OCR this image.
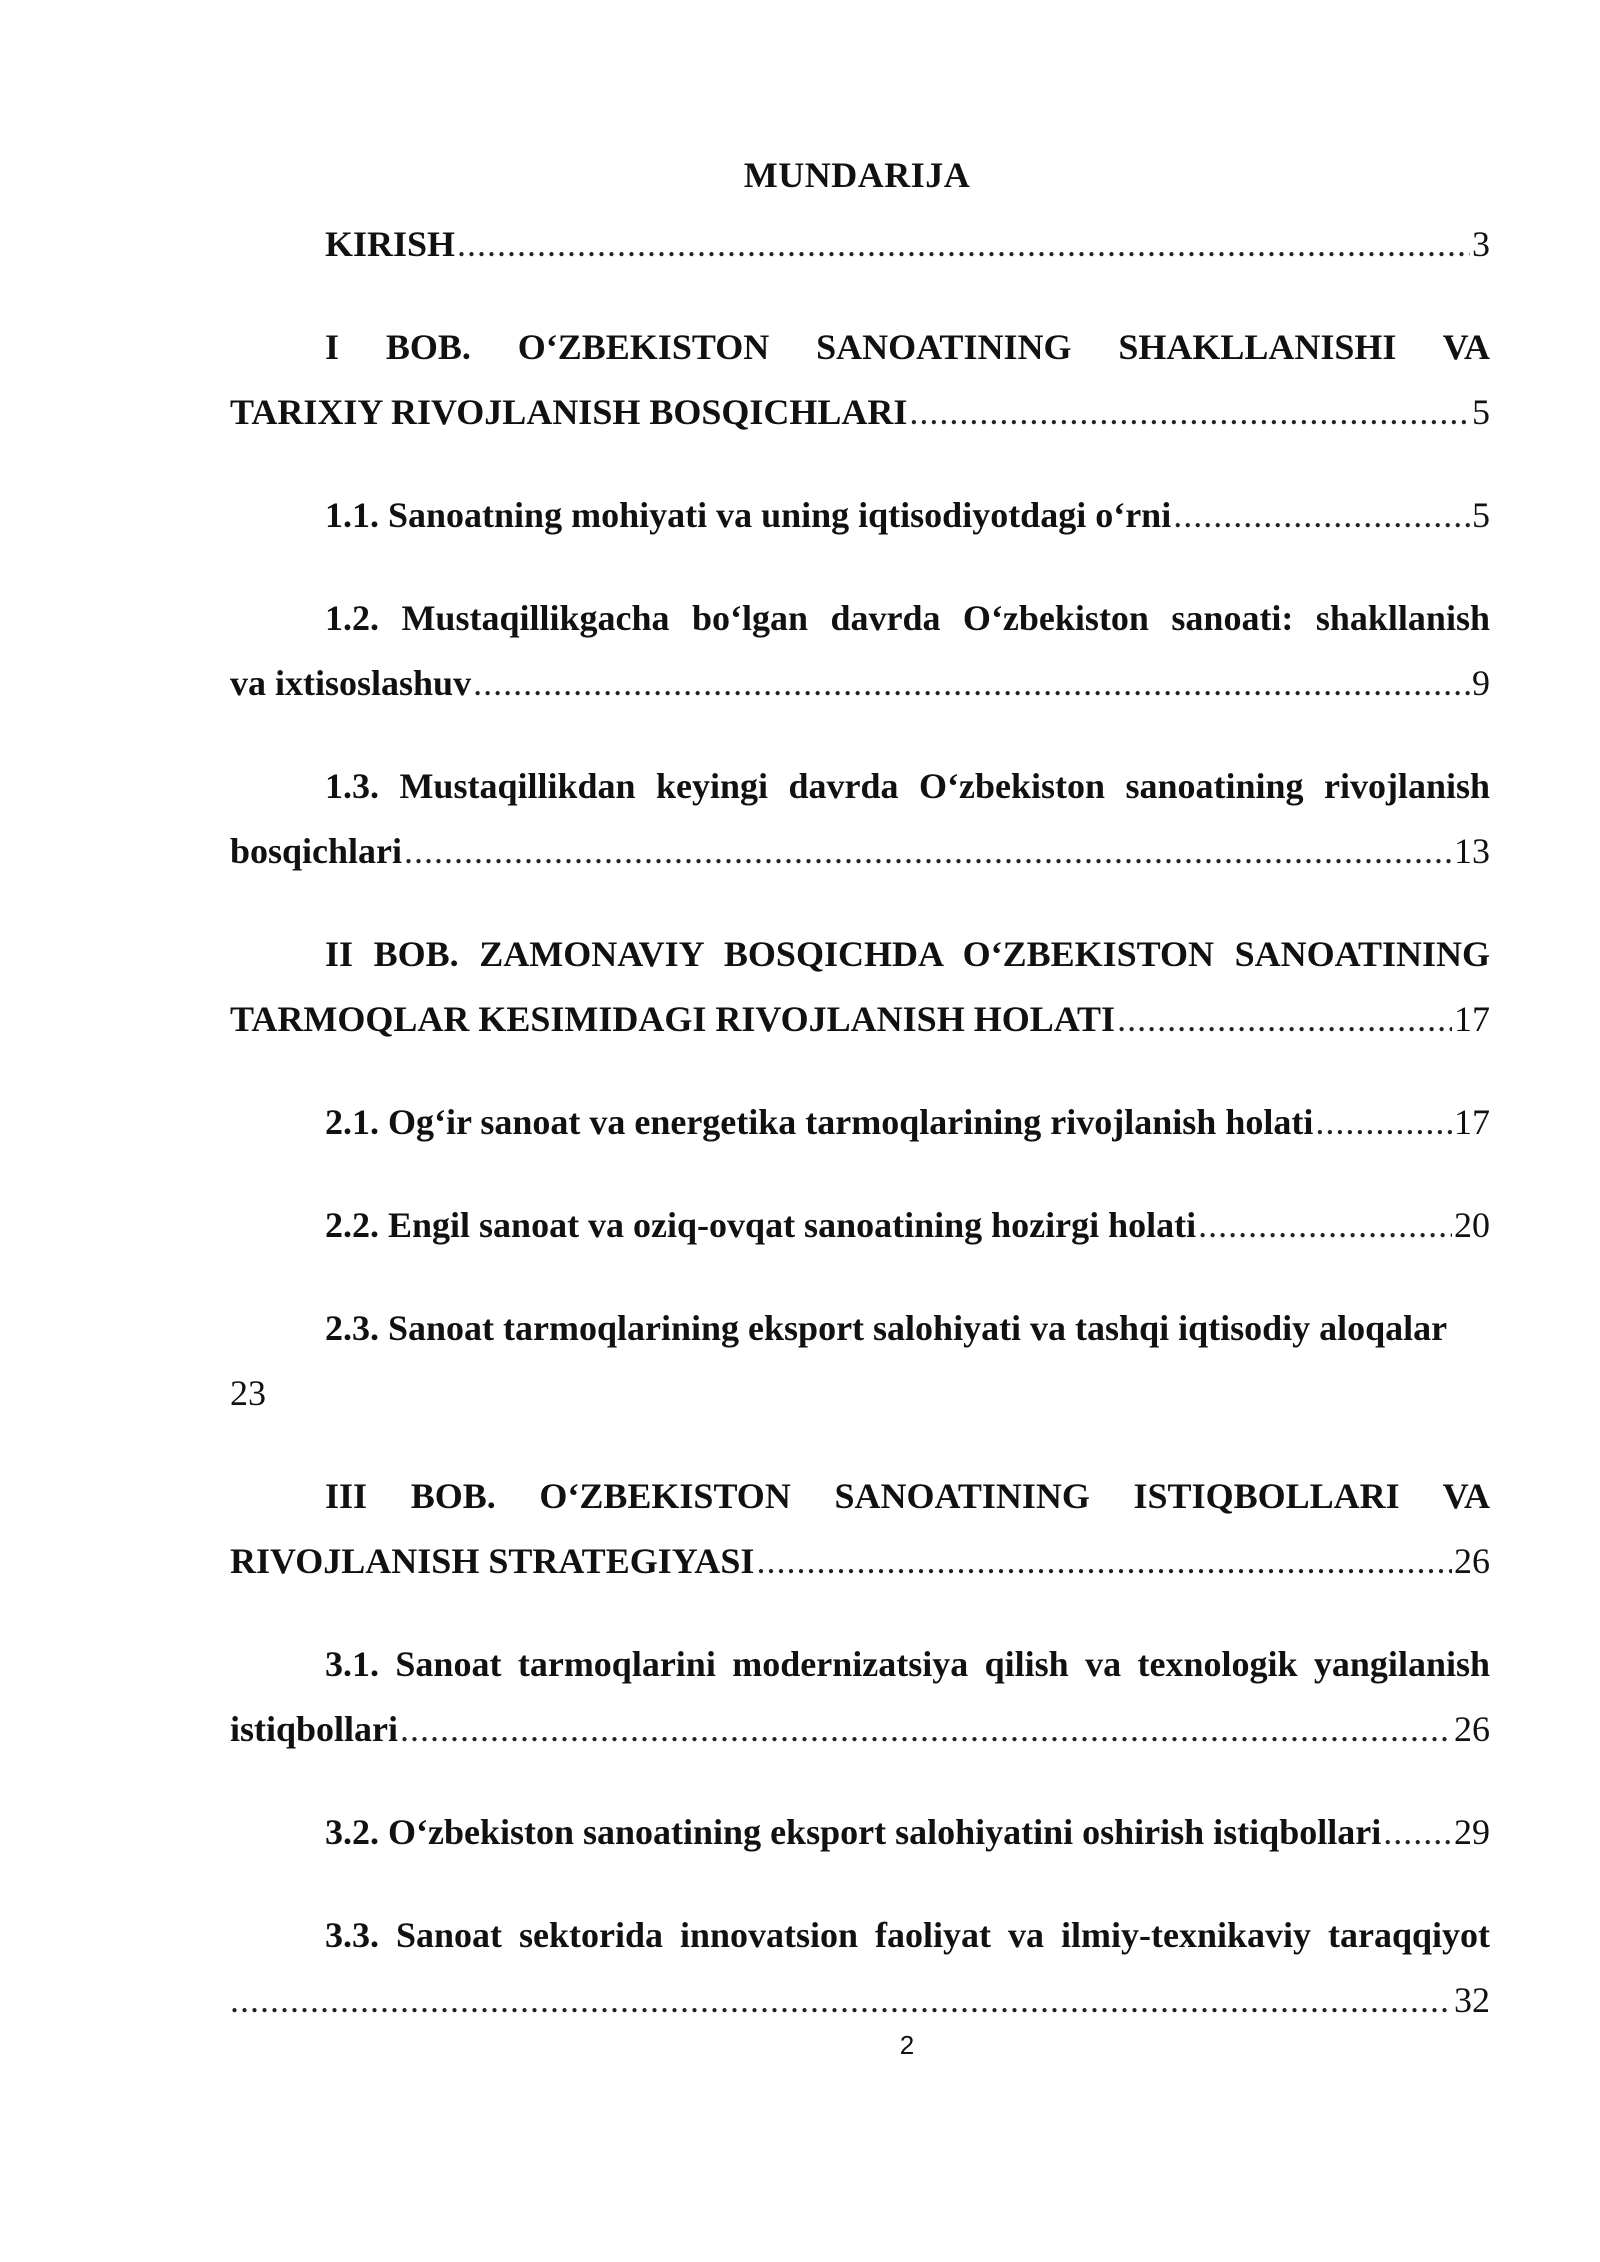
MUNDARIJA
KIRISH .....	3
I BOB. O‘ZBEKISTON SANOATINING SHAKLLANISHI VA
TARIXIY RIVOJLANISH BOSQICHLARI .....	5
1.1. Sanoatning mohiyati va uning iqtisodiyotdagi o‘rni .....	5
1.2. Mustaqillikgacha bo‘lgan davrda O‘zbekiston sanoati: shakllanish
va ixtisoslashuv .....	9
1.3. Mustaqillikdan keyingi davrda O‘zbekiston sanoatining rivojlanish
bosqichlari .....	13
II BOB. ZAMONAVIY BOSQICHDA O‘ZBEKISTON SANOATINING
TARMOQLAR KESIMIDAGI RIVOJLANISH HOLATI .....	17
2.1. Og‘ir sanoat va energetika tarmoqlarining rivojlanish holati .....	17
2.2. Engil sanoat va oziq-ovqat sanoatining hozirgi holati .....	20
2.3. Sanoat tarmoqlarining eksport salohiyati va tashqi iqtisodiy aloqalar
23
III BOB. O‘ZBEKISTON SANOATINING ISTIQBOLLARI VA
RIVOJLANISH STRATEGIYASI .....	26
3.1. Sanoat tarmoqlarini modernizatsiya qilish va texnologik yangilanish
istiqbollari .....	26
3.2. O‘zbekiston sanoatining eksport salohiyatini oshirish istiqbollari ..... 29
3.3. Sanoat sektorida innovatsion faoliyat va ilmiy-texnikaviy taraqqiyot
.....
32
2
